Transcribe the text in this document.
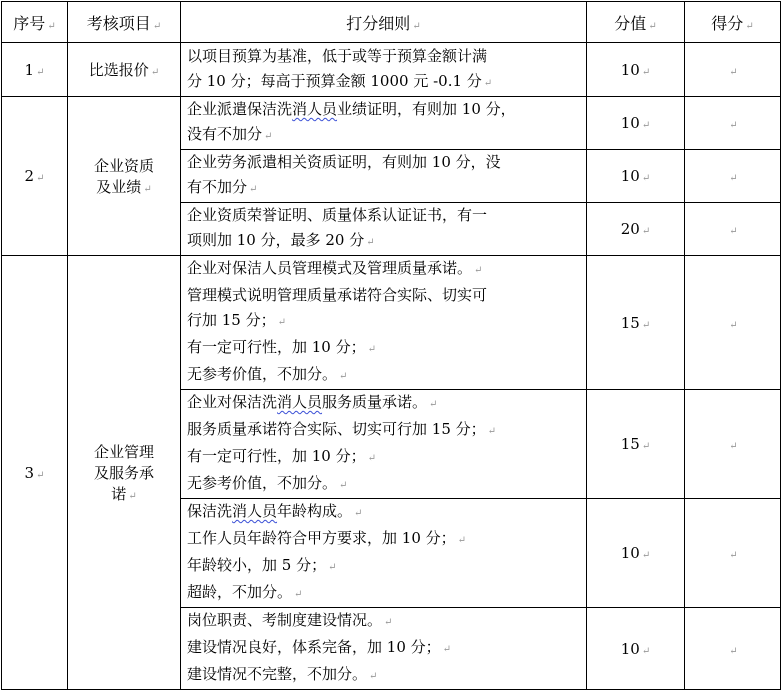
序号 ↵	考核项目 ↵	打分细则 ↵	分值 ↵	得分 ↵
1 ↵	比选报价 ↵	以项目预算为基准，低于或等于预算金额计满
分 10 分；每高于预算金额 1000 元 -0.1 分 ↵	10 ↵	↵
2 ↵	企业资质
及业绩 ↵	企业派遣保洁洗消人员业绩证明，有则加 10 分，
没有不加分 ↵	10 ↵	↵

		企业劳务派遣相关资质证明，有则加 10 分，没
有不加分 ↵	10 ↵	↵

		企业资质荣誉证明、质量体系认证证书，有一
项则加 10 分，最多 20 分 ↵	20 ↵	↵
3 ↵	企业管理
及服务承
诺 ↵	企业对保洁人员管理模式及管理质量承诺。 ↵
管理模式说明管理质量承诺符合实际、切实可
行加 15 分； ↵
有一定可行性，加 10 分； ↵
无参考价值，不加分。 ↵	15 ↵	↵

		企业对保洁洗消人员服务质量承诺。 ↵
服务质量承诺符合实际、切实可行加 15 分； ↵
有一定可行性，加 10 分； ↵
无参考价值，不加分。 ↵	15 ↵	↵

		保洁洗消人员年龄构成。 ↵
工作人员年龄符合甲方要求，加 10 分； ↵
年龄较小，加 5 分； ↵
超龄，不加分。 ↵	10 ↵	↵

		岗位职责、考制度建设情况。 ↵
建设情况良好，体系完备，加 10 分； ↵
建设情况不完整，不加分。 ↵	10 ↵	↵
